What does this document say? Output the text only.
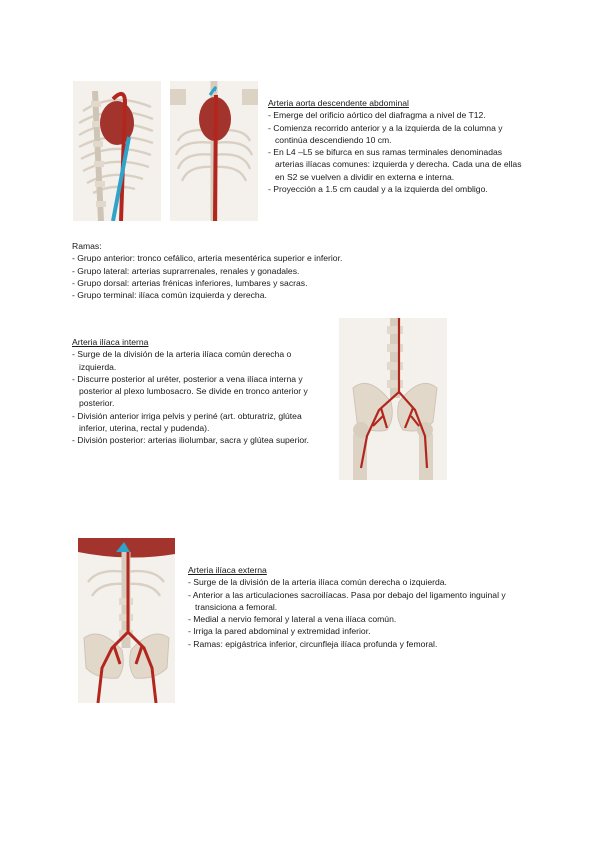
Arteria aorta descendente abdominal
- Emerge del orificio aórtico del diafragma a nivel de T12.
- Comienza recorrido anterior y a la izquierda de la columna y continúa descendiendo 10 cm.
- En L4 –L5 se bifurca en sus ramas terminales denominadas arterias ilíacas comunes: izquierda y derecha. Cada una de ellas en S2 se vuelven a dividir en externa e interna.
- Proyección a 1.5 cm caudal y a la izquierda del ombligo.
Ramas:
- Grupo anterior: tronco cefálico, arteria mesentérica superior e inferior.
- Grupo lateral: arterias suprarrenales, renales y gonadales.
- Grupo dorsal: arterias frénicas inferiores, lumbares y sacras.
- Grupo terminal: ilíaca común izquierda y derecha.
Arteria ilíaca interna
- Surge de la división de la arteria ilíaca común derecha o izquierda.
- Discurre posterior al uréter, posterior a vena ilíaca interna y posterior al plexo lumbosacro. Se divide en tronco anterior y posterior.
- División anterior irriga pelvis y periné (art. obturatriz, glútea inferior, uterina, rectal y pudenda).
- División posterior: arterias iliolumbar, sacra y glútea superior.
Arteria ilíaca externa
- Surge de la división de la arteria ilíaca común derecha o izquierda.
- Anterior a las articulaciones sacroilíacas. Pasa por debajo del ligamento inguinal y transiciona a femoral.
- Medial a nervio femoral y lateral a vena ilíaca común.
- Irriga la pared abdominal y extremidad inferior.
- Ramas: epigástrica inferior, circunfleja ilíaca profunda y femoral.
